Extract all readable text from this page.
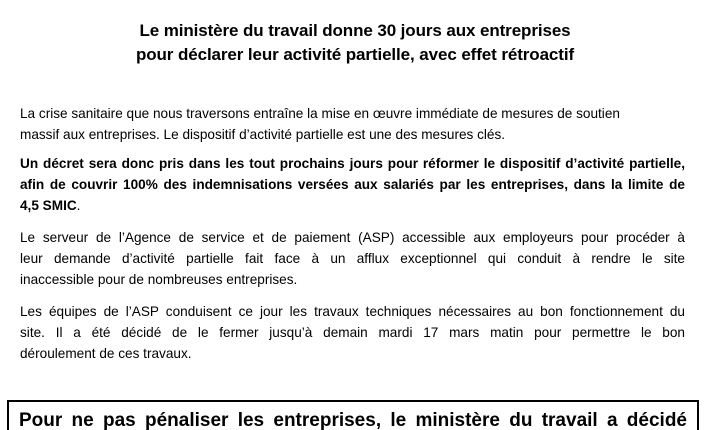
Le ministère du travail donne 30 jours aux entreprises
pour déclarer leur activité partielle, avec effet rétroactif

La crise sanitaire que nous traversons entraîne la mise en œuvre immédiate de mesures de soutien
massif aux entreprises. Le dispositif d’activité partielle est une des mesures clés.

Un décret sera donc pris dans les tout prochains jours pour réformer le dispositif d’activité partielle,
afin de couvrir 100% des indemnisations versées aux salariés par les entreprises, dans la limite de
4,5 SMIC.

Le serveur de l’Agence de service et de paiement (ASP) accessible aux employeurs pour procéder à
leur demande d’activité partielle fait face à un afflux exceptionnel qui conduit à rendre le site
inaccessible pour de nombreuses entreprises.

Les équipes de l’ASP conduisent ce jour les travaux techniques nécessaires au bon fonctionnement du
site. Il a été décidé de le fermer jusqu’à demain mardi 17 mars matin pour permettre le bon
déroulement de ces travaux.

Pour ne pas pénaliser les entreprises, le ministère du travail a décidé
